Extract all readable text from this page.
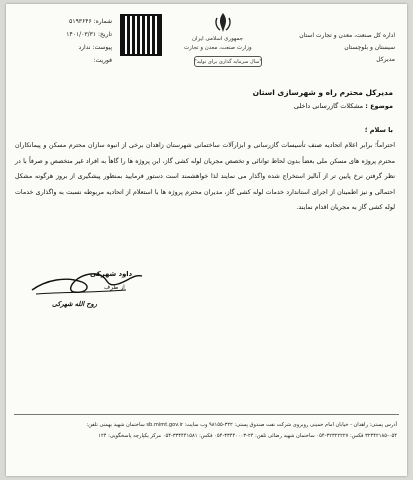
جمهوری اسلامی ایران
وزارت صنعت، معدن و تجارت
"سال سرمایه گذاری برای تولید"
شماره: ۵۱۹۳۶۴۶
تاریخ: ۱۴۰۱/۰۳/۳۱
پیوست: ندارد
فوریت:
اداره کل صنعت، معدن و تجارت استان سیستان و بلوچستان
مدیرکل
مدیرکل محترم راه و شهرسازی استان
موضوع : مشکلات گازرسانی داخلی
با سلام ؛
احتراماً؛ برابر اعلام اتحادیه صنف تأسیسات گازرسانی و ابزارآلات ساختمانی شهرستان زاهدان برخی از انبوه سازان محترم مسکن و پیمانکاران محترم پروژه های مسکن ملی بعضاً بدون لحاظ توانائی و تخصص مجریان لوله کشی گاز، این پروژه ها را گاهاً به افراد غیر متخصص و صرفاً با در نظر گرفتن نرخ پایین تر از آنالیز استخراج شده واگذار می نمایند لذا خواهشمند است دستور فرمایید بمنظور پیشگیری از بروز هرگونه مشکل احتمالی و نیز اطمینان از اجرای استاندارد خدمات لوله کشی گاز، مدیران محترم پروژه ها با استعلام از اتحادیه مربوطه نسبت به واگذاری خدمات لوله کشی گاز به مجریان اقدام نمایند.
داود شهرکی
از طرف
روح الله شهرکی
آدرس پستی: زاهدان - خیابان امام خمینی روبروی شرکت نفت صندوق پستی: ۳۲۲-۹۸۱۵۵ وب سایت: sb.mimt.gov.ir ساختمان شهید بهمنی تلفن:
۳۲۳۴۲۱۸۵-۰۵۴ فکس: ۳۲۳۲۲۲۲۷-۰۵۴ ساختمان شهید رضائی تلفن: ۲۴-۳۳۴۴۰۰۰۳-۰۵۴ فکس: ۳۳۴۴۴۱۵۸۱-۰۵۴ مرکز یکپارچه پاسخگویی: ۱۲۴
